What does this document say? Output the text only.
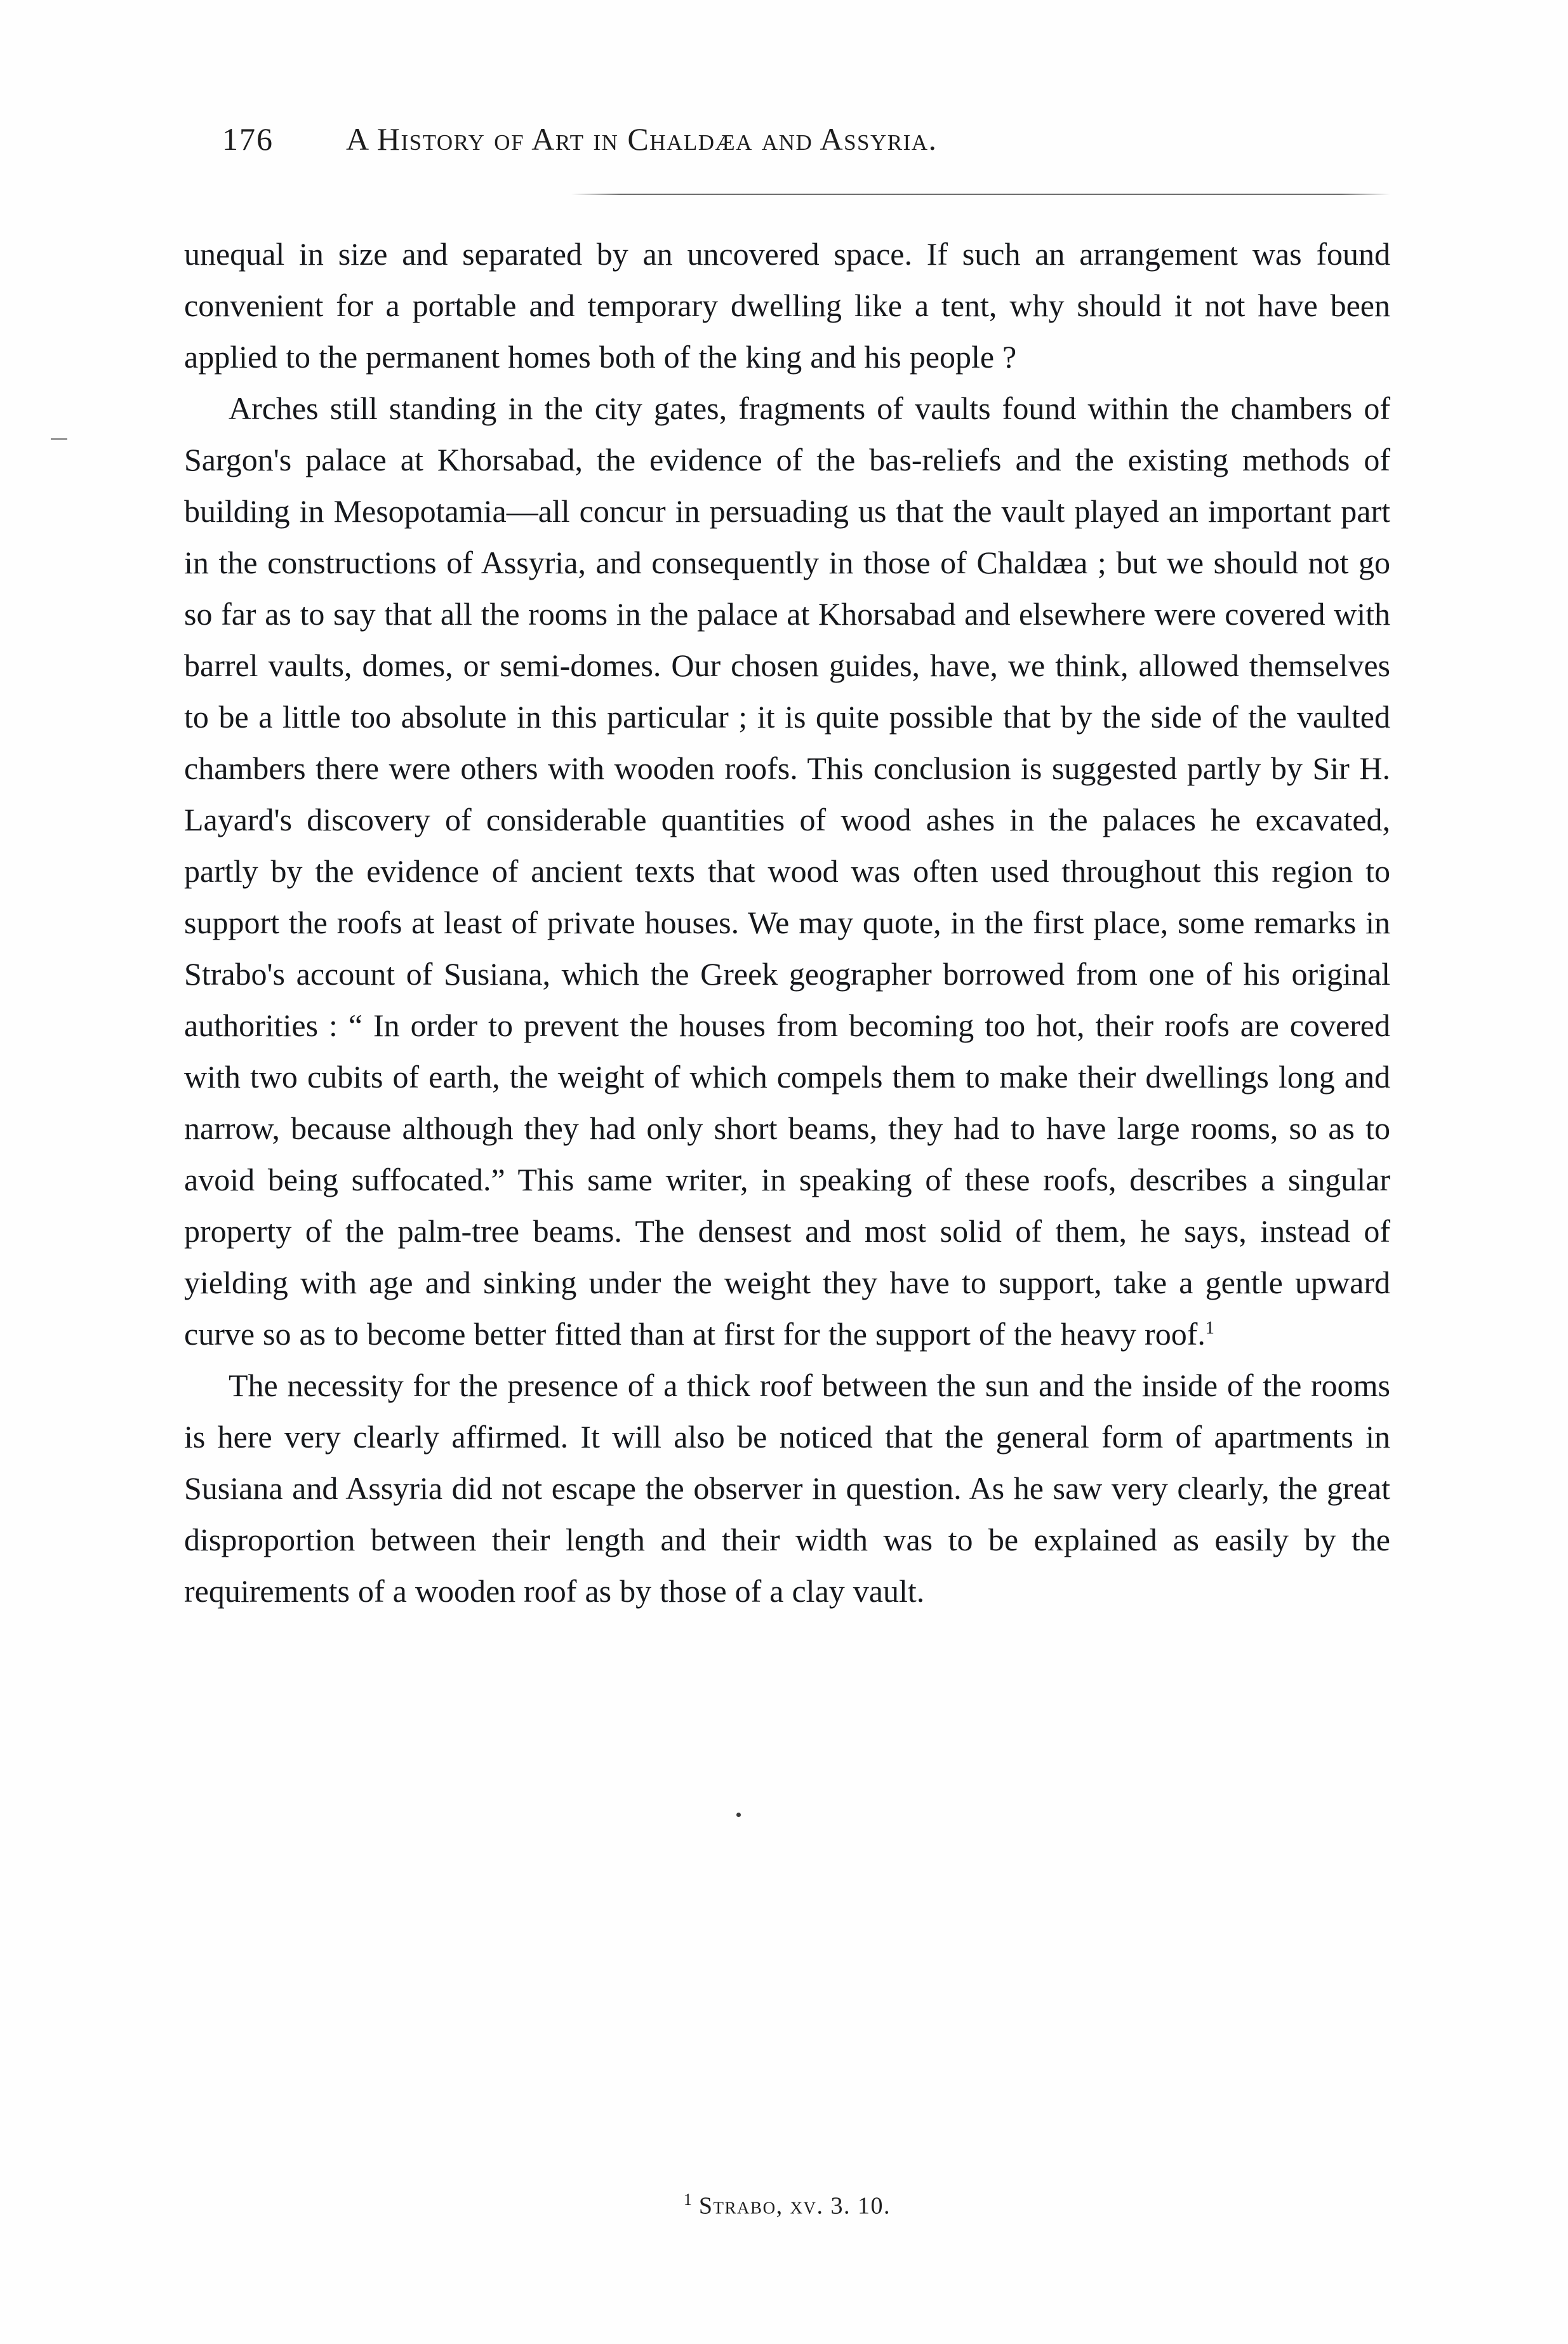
176 A History of Art in Chaldæa and Assyria.

unequal in size and separated by an uncovered space. If such an arrangement was found convenient for a portable and temporary dwelling like a tent, why should it not have been applied to the permanent homes both of the king and his people ?

Arches still standing in the city gates, fragments of vaults found within the chambers of Sargon's palace at Khorsabad, the evidence of the bas-reliefs and the existing methods of building in Mesopotamia—all concur in persuading us that the vault played an important part in the constructions of Assyria, and consequently in those of Chaldæa ; but we should not go so far as to say that all the rooms in the palace at Khorsabad and elsewhere were covered with barrel vaults, domes, or semi-domes. Our chosen guides, have, we think, allowed themselves to be a little too absolute in this particular ; it is quite possible that by the side of the vaulted chambers there were others with wooden roofs. This conclusion is suggested partly by Sir H. Layard's discovery of considerable quantities of wood ashes in the palaces he excavated, partly by the evidence of ancient texts that wood was often used throughout this region to support the roofs at least of private houses. We may quote, in the first place, some remarks in Strabo's account of Susiana, which the Greek geographer borrowed from one of his original authorities : “ In order to prevent the houses from becoming too hot, their roofs are covered with two cubits of earth, the weight of which compels them to make their dwellings long and narrow, because although they had only short beams, they had to have large rooms, so as to avoid being suffocated.” This same writer, in speaking of these roofs, describes a singular property of the palm-tree beams. The densest and most solid of them, he says, instead of yielding with age and sinking under the weight they have to support, take a gentle upward curve so as to become better fitted than at first for the support of the heavy roof.$^1$

The necessity for the presence of a thick roof between the sun and the inside of the rooms is here very clearly affirmed. It will also be noticed that the general form of apartments in Susiana and Assyria did not escape the observer in question. As he saw very clearly, the great disproportion between their length and their width was to be explained as easily by the requirements of a wooden roof as by those of a clay vault.

$^1$ Strabo, xv. 3. 10.
